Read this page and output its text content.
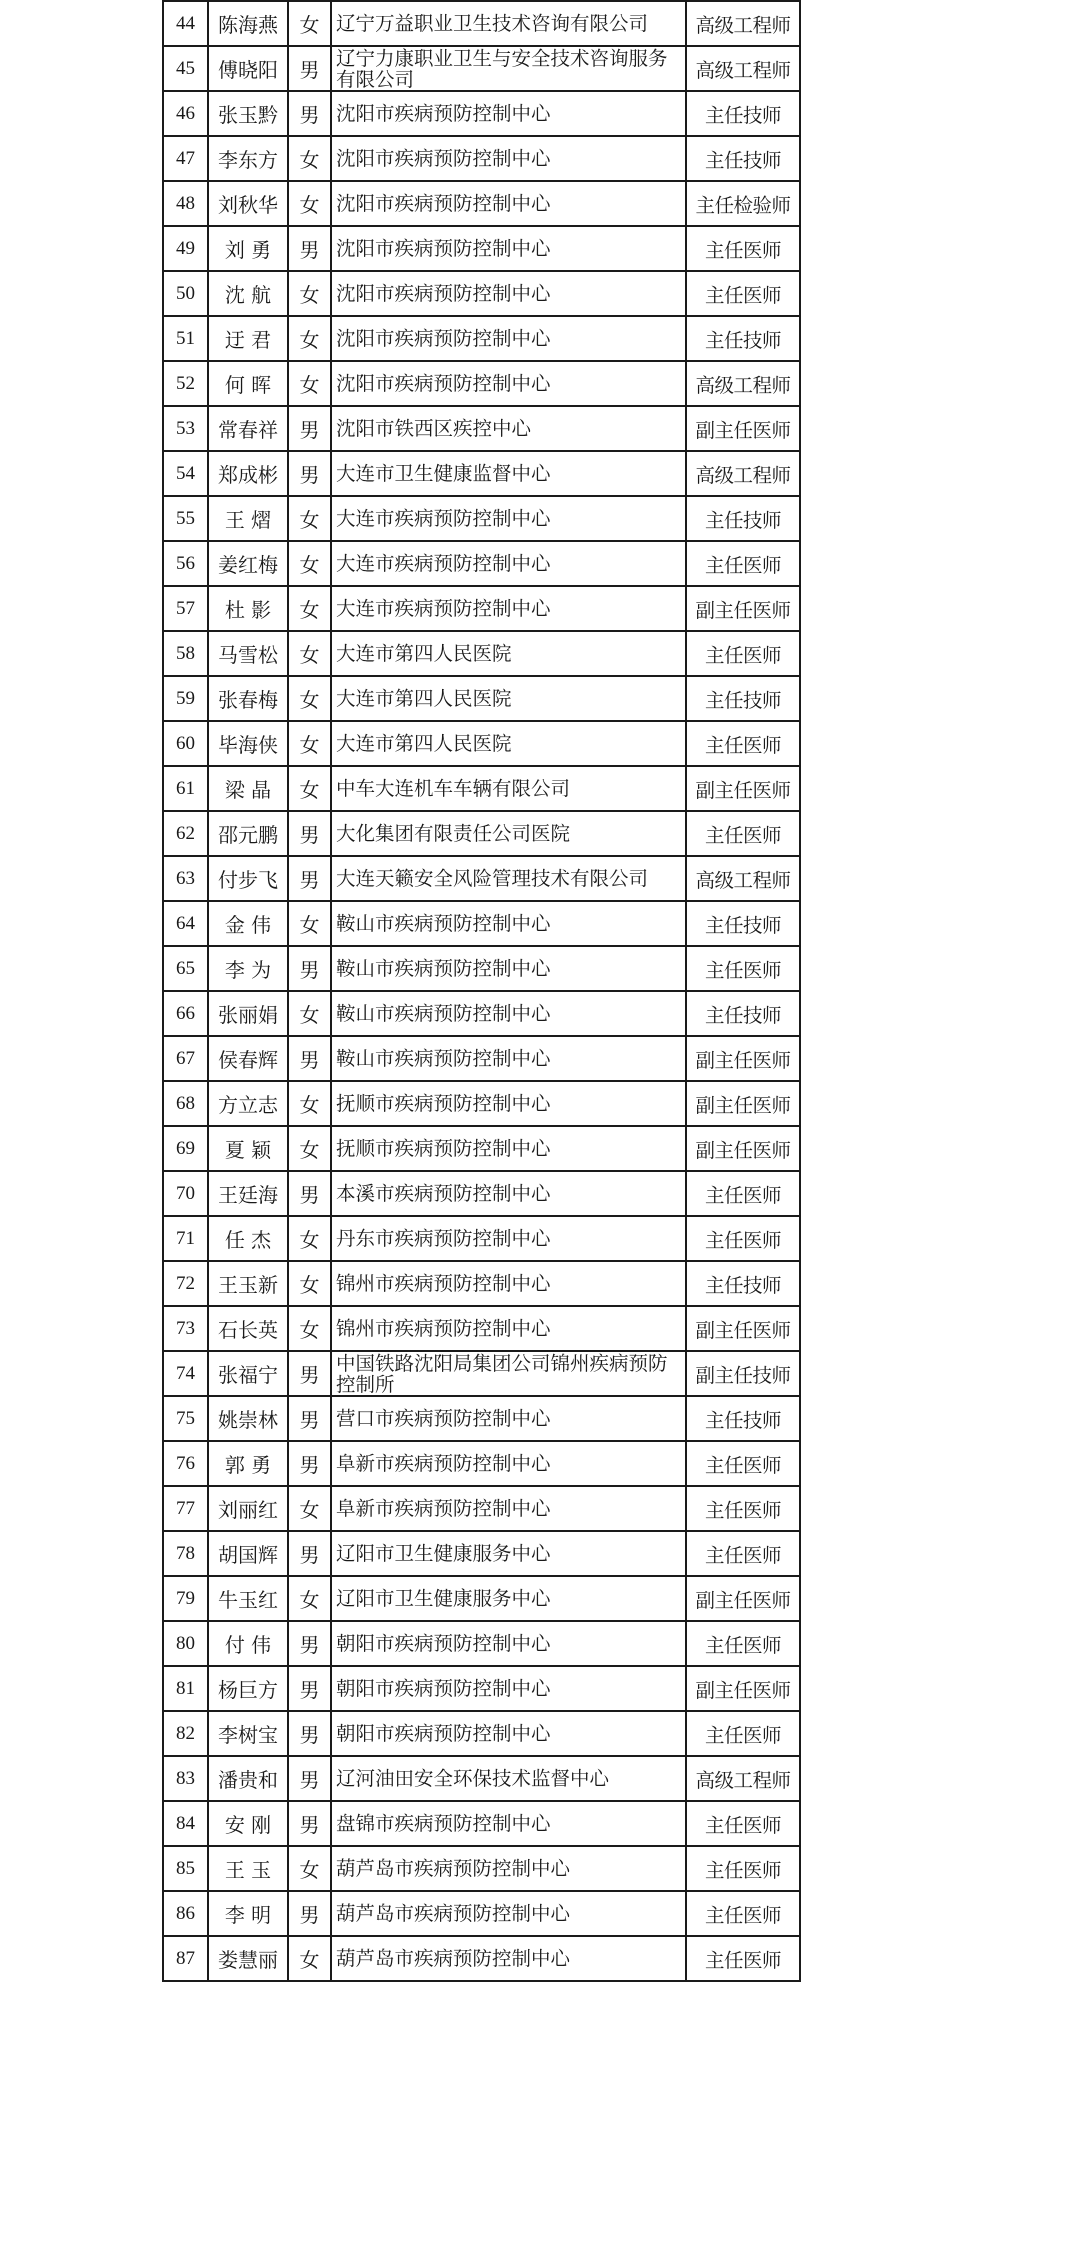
44	陈海燕	女	辽宁万益职业卫生技术咨询有限公司	高级工程师
45	傅晓阳	男	辽宁力康职业卫生与安全技术咨询服务有限公司	高级工程师
46	张玉黔	男	沈阳市疾病预防控制中心	主任技师
47	李东方	女	沈阳市疾病预防控制中心	主任技师
48	刘秋华	女	沈阳市疾病预防控制中心	主任检验师
49	刘 勇	男	沈阳市疾病预防控制中心	主任医师
50	沈 航	女	沈阳市疾病预防控制中心	主任医师
51	迂 君	女	沈阳市疾病预防控制中心	主任技师
52	何 晖	女	沈阳市疾病预防控制中心	高级工程师
53	常春祥	男	沈阳市铁西区疾控中心	副主任医师
54	郑成彬	男	大连市卫生健康监督中心	高级工程师
55	王 熠	女	大连市疾病预防控制中心	主任技师
56	姜红梅	女	大连市疾病预防控制中心	主任医师
57	杜 影	女	大连市疾病预防控制中心	副主任医师
58	马雪松	女	大连市第四人民医院	主任医师
59	张春梅	女	大连市第四人民医院	主任技师
60	毕海侠	女	大连市第四人民医院	主任医师
61	梁 晶	女	中车大连机车车辆有限公司	副主任医师
62	邵元鹏	男	大化集团有限责任公司医院	主任医师
63	付步飞	男	大连天籁安全风险管理技术有限公司	高级工程师
64	金 伟	女	鞍山市疾病预防控制中心	主任技师
65	李 为	男	鞍山市疾病预防控制中心	主任医师
66	张丽娟	女	鞍山市疾病预防控制中心	主任技师
67	侯春辉	男	鞍山市疾病预防控制中心	副主任医师
68	方立志	女	抚顺市疾病预防控制中心	副主任医师
69	夏 颖	女	抚顺市疾病预防控制中心	副主任医师
70	王廷海	男	本溪市疾病预防控制中心	主任医师
71	任 杰	女	丹东市疾病预防控制中心	主任医师
72	王玉新	女	锦州市疾病预防控制中心	主任技师
73	石长英	女	锦州市疾病预防控制中心	副主任医师
74	张福宁	男	中国铁路沈阳局集团公司锦州疾病预防控制所	副主任技师
75	姚崇林	男	营口市疾病预防控制中心	主任技师
76	郭 勇	男	阜新市疾病预防控制中心	主任医师
77	刘丽红	女	阜新市疾病预防控制中心	主任医师
78	胡国辉	男	辽阳市卫生健康服务中心	主任医师
79	牛玉红	女	辽阳市卫生健康服务中心	副主任医师
80	付 伟	男	朝阳市疾病预防控制中心	主任医师
81	杨巨方	男	朝阳市疾病预防控制中心	副主任医师
82	李树宝	男	朝阳市疾病预防控制中心	主任医师
83	潘贵和	男	辽河油田安全环保技术监督中心	高级工程师
84	安 刚	男	盘锦市疾病预防控制中心	主任医师
85	王 玉	女	葫芦岛市疾病预防控制中心	主任医师
86	李 明	男	葫芦岛市疾病预防控制中心	主任医师
87	娄慧丽	女	葫芦岛市疾病预防控制中心	主任医师
